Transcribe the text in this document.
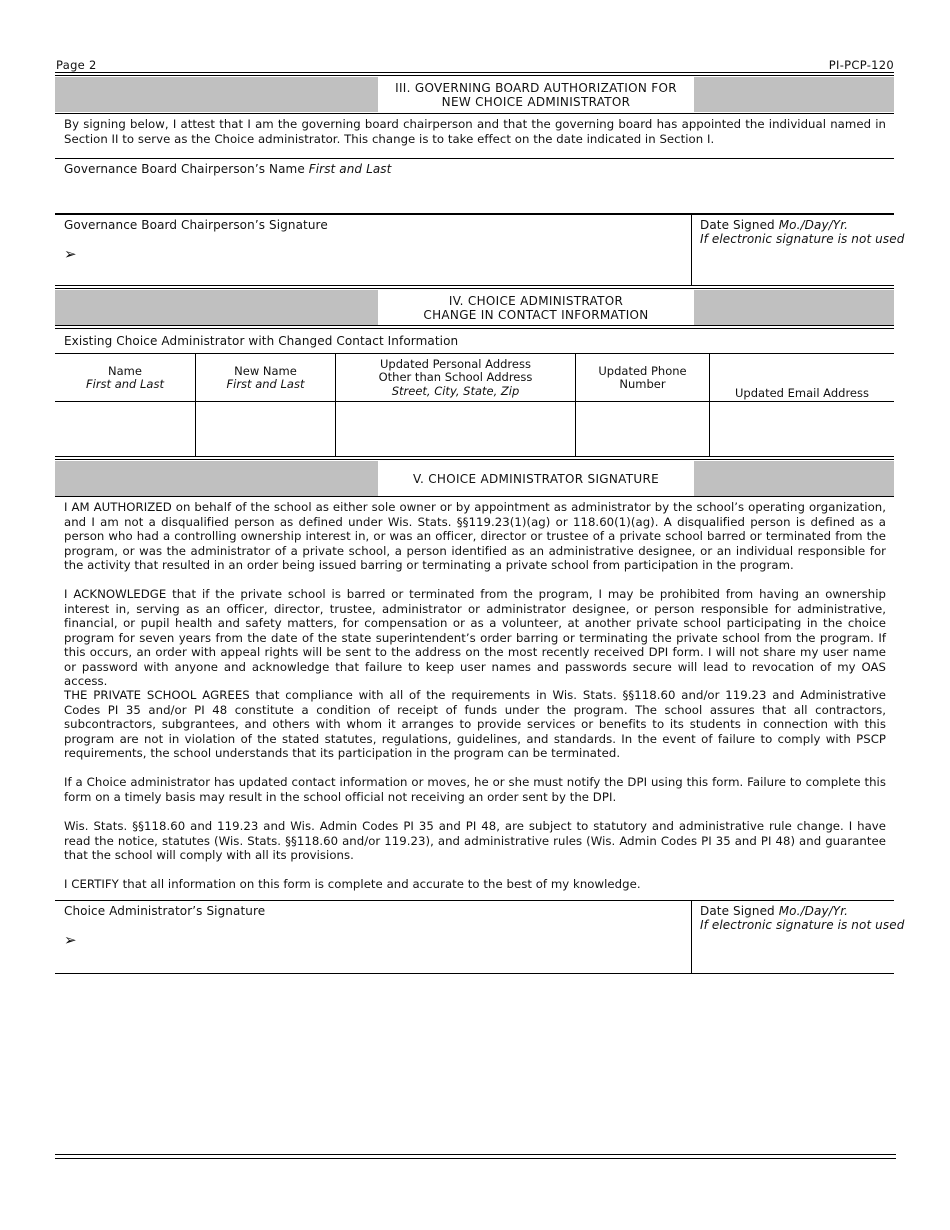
Page 2	PI-PCP-120
III. GOVERNING BOARD AUTHORIZATION FOR
NEW CHOICE ADMINISTRATOR
By signing below, I attest that I am the governing board chairperson and that the governing board has appointed the individual named in Section II to serve as the Choice administrator. This change is to take effect on the date indicated in Section I.
Governance Board Chairperson’s Name First and Last
Governance Board Chairperson’s Signature
➢
Date Signed Mo./Day/Yr.
If electronic signature is not used
IV. CHOICE ADMINISTRATOR
CHANGE IN CONTACT INFORMATION
Existing Choice Administrator with Changed Contact Information
Name
First and Last
New Name
First and Last
Updated Personal Address
Other than School Address
Street, City, State, Zip
Updated Phone
Number
Updated Email Address
V. CHOICE ADMINISTRATOR SIGNATURE
I AM AUTHORIZED on behalf of the school as either sole owner or by appointment as administrator by the school’s operating organization, and I am not a disqualified person as defined under Wis. Stats. §§119.23(1)(ag) or 118.60(1)(ag). A disqualified person is defined as a person who had a controlling ownership interest in, or was an officer, director or trustee of a private school barred or terminated from the program, or was the administrator of a private school, a person identified as an administrative designee, or an individual responsible for the activity that resulted in an order being issued barring or terminating a private school from participation in the program.
I ACKNOWLEDGE that if the private school is barred or terminated from the program, I may be prohibited from having an ownership interest in, serving as an officer, director, trustee, administrator or administrator designee, or person responsible for administrative, financial, or pupil health and safety matters, for compensation or as a volunteer, at another private school participating in the choice program for seven years from the date of the state superintendent’s order barring or terminating the private school from the program. If this occurs, an order with appeal rights will be sent to the address on the most recently received DPI form. I will not share my user name or password with anyone and acknowledge that failure to keep user names and passwords secure will lead to revocation of my OAS access.
THE PRIVATE SCHOOL AGREES that compliance with all of the requirements in Wis. Stats. §§118.60 and/or 119.23 and Administrative Codes PI 35 and/or PI 48 constitute a condition of receipt of funds under the program. The school assures that all contractors, subcontractors, subgrantees, and others with whom it arranges to provide services or benefits to its students in connection with this program are not in violation of the stated statutes, regulations, guidelines, and standards. In the event of failure to comply with PSCP requirements, the school understands that its participation in the program can be terminated.
If a Choice administrator has updated contact information or moves, he or she must notify the DPI using this form. Failure to complete this form on a timely basis may result in the school official not receiving an order sent by the DPI.
Wis. Stats. §§118.60 and 119.23 and Wis. Admin Codes PI 35 and PI 48, are subject to statutory and administrative rule change. I have read the notice, statutes (Wis. Stats. §§118.60 and/or 119.23), and administrative rules (Wis. Admin Codes PI 35 and PI 48) and guarantee that the school will comply with all its provisions.
I CERTIFY that all information on this form is complete and accurate to the best of my knowledge.
Choice Administrator’s Signature
➢
Date Signed Mo./Day/Yr.
If electronic signature is not used
